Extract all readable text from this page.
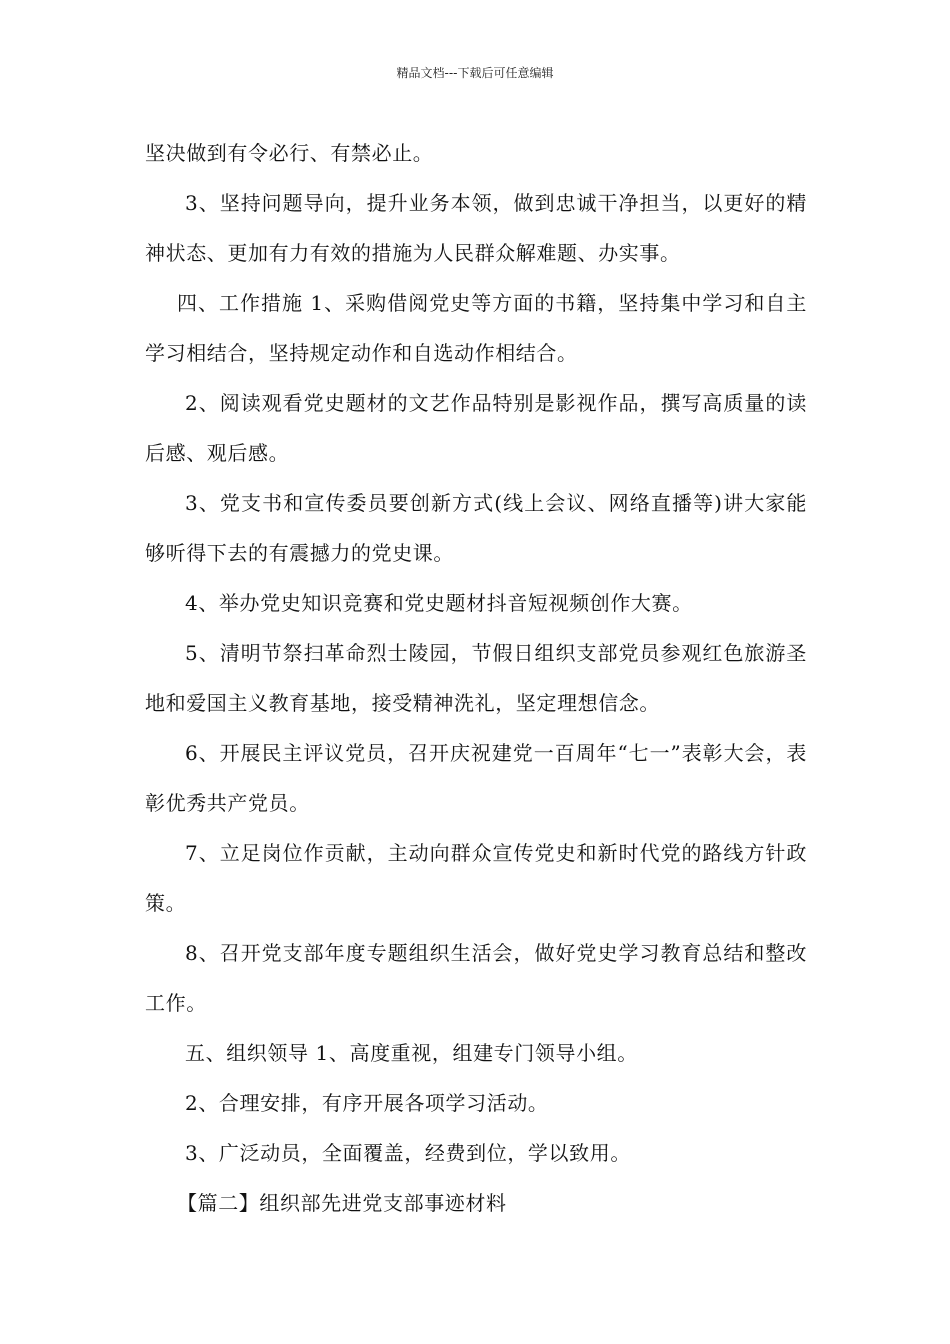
精品文档---下载后可任意编辑

坚决做到有令必行、有禁必止。

3、坚持问题导向，提升业务本领，做到忠诚干净担当，以更好的精神状态、更加有力有效的措施为人民群众解难题、办实事。

四、工作措施 1、采购借阅党史等方面的书籍，坚持集中学习和自主学习相结合，坚持规定动作和自选动作相结合。

2、阅读观看党史题材的文艺作品特别是影视作品，撰写高质量的读后感、观后感。

3、党支书和宣传委员要创新方式(线上会议、网络直播等)讲大家能够听得下去的有震撼力的党史课。

4、举办党史知识竞赛和党史题材抖音短视频创作大赛。

5、清明节祭扫革命烈士陵园，节假日组织支部党员参观红色旅游圣地和爱国主义教育基地，接受精神洗礼，坚定理想信念。

6、开展民主评议党员，召开庆祝建党一百周年“七一”表彰大会，表彰优秀共产党员。

7、立足岗位作贡献，主动向群众宣传党史和新时代党的路线方针政策。

8、召开党支部年度专题组织生活会，做好党史学习教育总结和整改工作。

五、组织领导 1、高度重视，组建专门领导小组。

2、合理安排，有序开展各项学习活动。

3、广泛动员，全面覆盖，经费到位，学以致用。

【篇二】组织部先进党支部事迹材料
